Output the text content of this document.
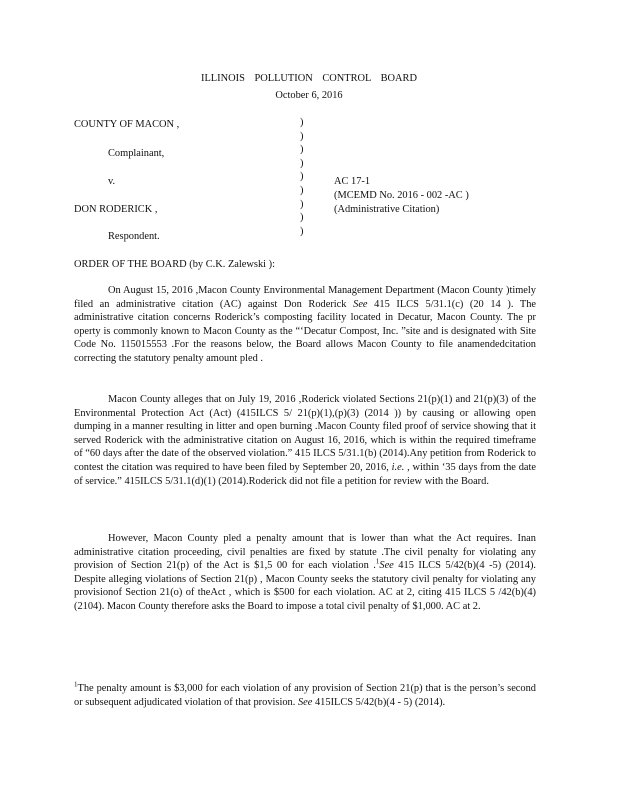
ILLINOIS POLLUTION CONTROL BOARD
October 6, 2016
COUNTY OF MACON ,
Complainant,
v.
DON RODERICK ,
Respondent.
)
)
)
)
)
)
)
)
)
AC 17-1
(MCEMD No. 2016 - 002 -AC )
(Administrative Citation)
ORDER OF THE BOARD (by C.K. Zalewski ):
On August 15, 2016 ,Macon County Environmental Management Department (Macon County )timely filed an administrative citation (AC) against Don Roderick See 415 ILCS 5/31.1(c) (20 14 ). The administrative citation concerns Roderick’s composting facility located in Decatur, Macon County. The pr operty is commonly known to Macon County as the “‘Decatur Compost, Inc. ”site and is designated with Site Code No. 115015553 .For the reasons below, the Board allows Macon County to file anamendedcitation correcting the statutory penalty amount pled .
Macon County alleges that on July 19, 2016 ,Roderick violated Sections 21(p)(1) and 21(p)(3) of the Environmental Protection Act (Act) (415ILCS 5/ 21(p)(1),(p)(3) (2014 )) by causing or allowing open dumping in a manner resulting in litter and open burning .Macon County filed proof of service showing that it served Roderick with the administrative citation on August 16, 2016, which is within the required timeframe of “60 days after the date of the observed violation.” 415 ILCS 5/31.1(b) (2014).Any petition from Roderick to contest the citation was required to have been filed by September 20, 2016, i.e. , within ‘35 days from the date of service.” 415ILCS 5/31.1(d)(1) (2014).Roderick did not file a petition for review with the Board.
However, Macon County pled a penalty amount that is lower than what the Act requires. Inan administrative citation proceeding, civil penalties are fixed by statute .The civil penalty for violating any provision of Section 21(p) of the Act is $1,5 00 for each violation .$^1$See 415 ILCS 5/42(b)(4 -5) (2014). Despite alleging violations of Section 21(p) , Macon County seeks the statutory civil penalty for violating any provisionof Section 21(o) of theAct , which is $500 for each violation. AC at 2, citing 415 ILCS 5 /42(b)(4) (2104). Macon County therefore asks the Board to impose a total civil penalty of $1,000. AC at 2.
$^1$The penalty amount is $3,000 for each violation of any provision of Section 21(p) that is the person’s second or subsequent adjudicated violation of that provision. See 415ILCS 5/42(b)(4 - 5) (2014).
